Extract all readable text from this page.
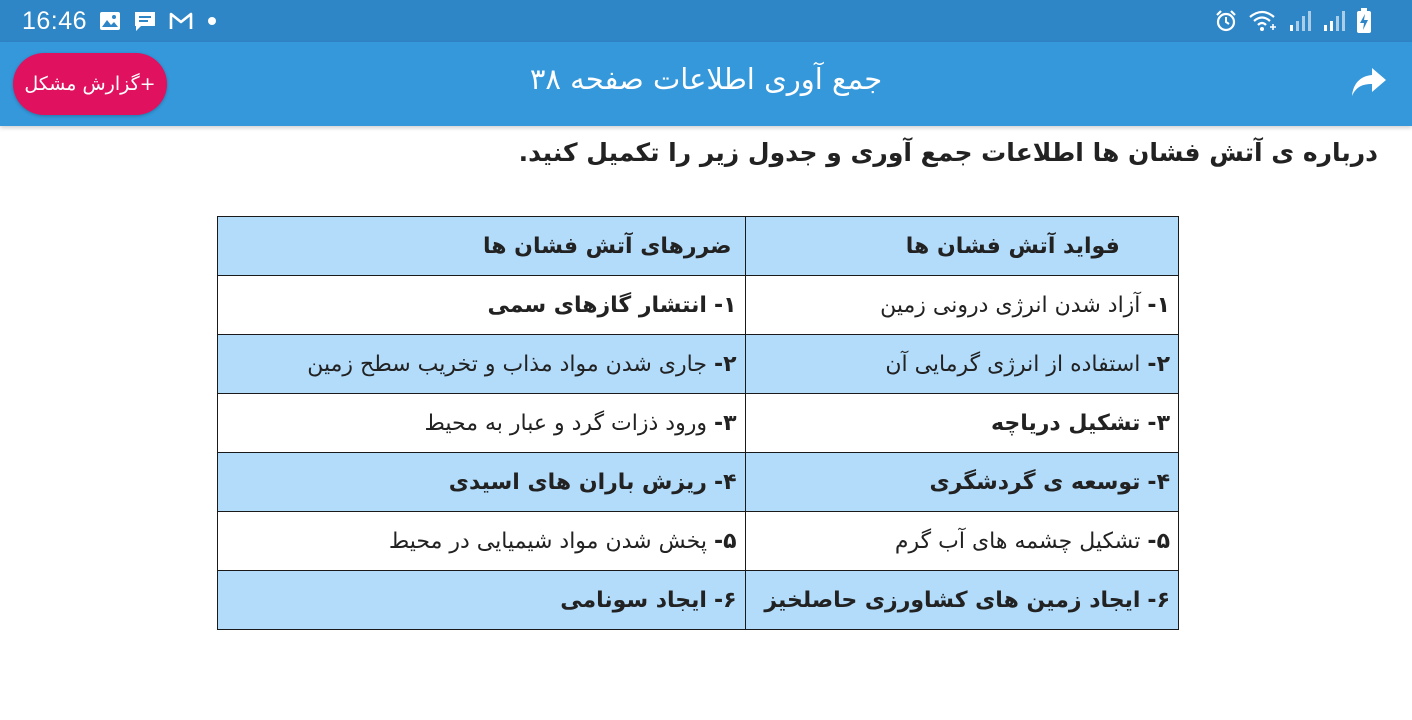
16:46
+گزارش مشکل	جمع آوری اطلاعات صفحه ۳۸
درباره ی آتش فشان ها اطلاعات جمع آوری و جدول زیر را تکمیل کنید.
فواید آتش فشان ها	ضررهای آتش فشان ها
۱- آزاد شدن انرژی درونی زمین	۱- انتشار گازهای سمی
۲- استفاده از انرژی گرمایی آن	۲- جاری شدن مواد مذاب و تخریب سطح زمین
۳- تشکیل دریاچه	۳- ورود ذزات گرد و عبار به محیط
۴- توسعه ی گردشگری	۴- ریزش باران های اسیدی
۵- تشکیل چشمه های آب گرم	۵- پخش شدن مواد شیمیایی در محیط
۶- ایجاد زمین های کشاورزی حاصلخیز	۶- ایجاد سونامی
